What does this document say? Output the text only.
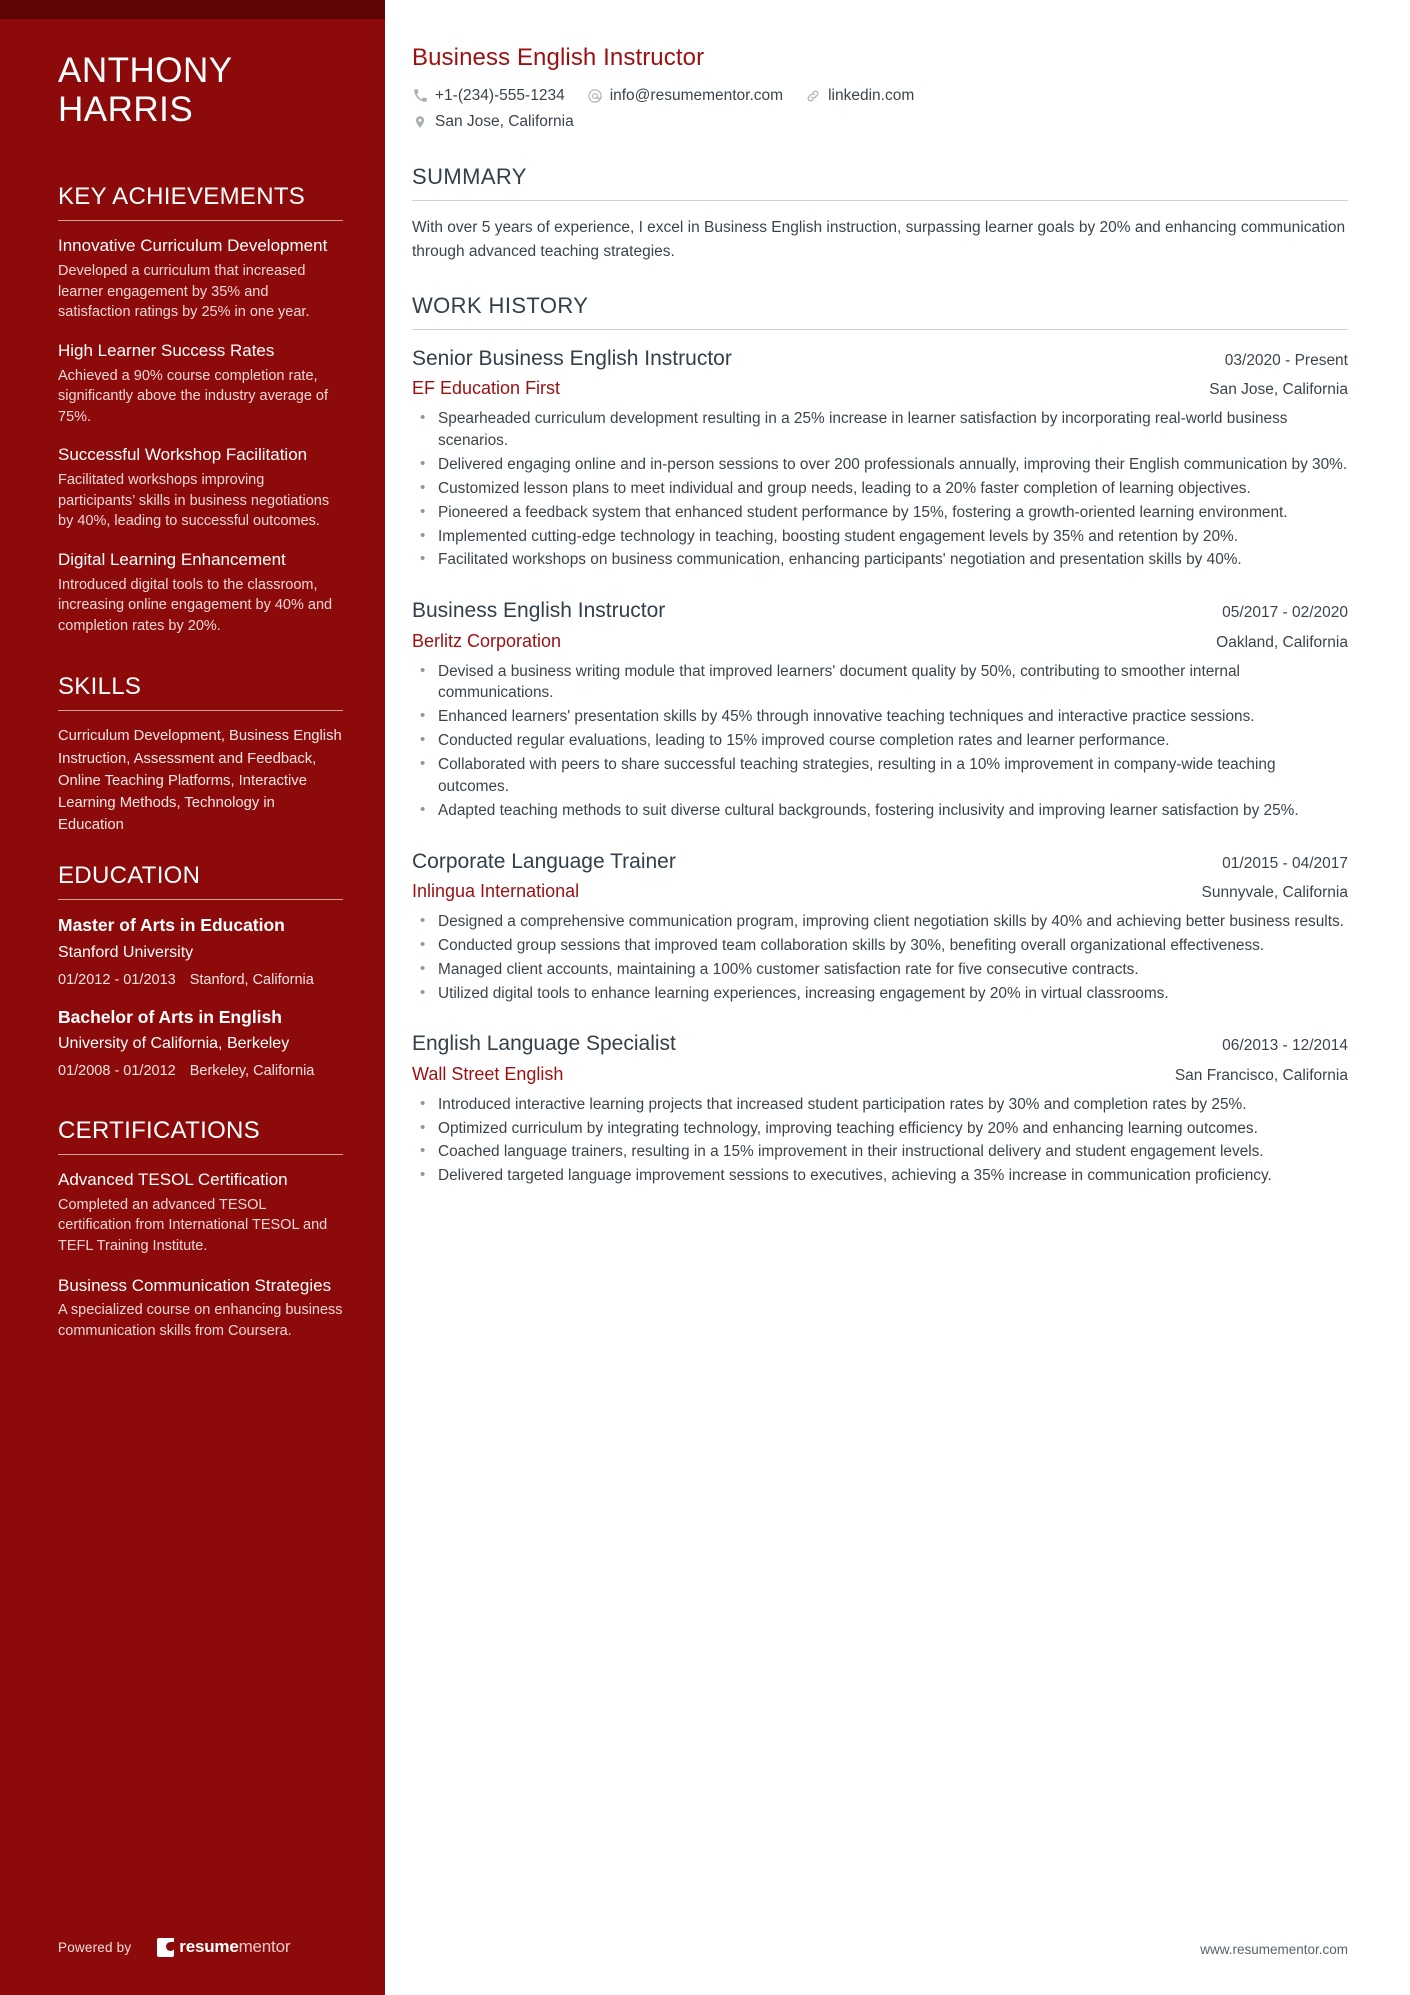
ANTHONY
HARRIS
KEY ACHIEVEMENTS
Innovative Curriculum Development
Developed a curriculum that increased learner engagement by 35% and satisfaction ratings by 25% in one year.
High Learner Success Rates
Achieved a 90% course completion rate, significantly above the industry average of 75%.
Successful Workshop Facilitation
Facilitated workshops improving participants’ skills in business negotiations by 40%, leading to successful outcomes.
Digital Learning Enhancement
Introduced digital tools to the classroom, increasing online engagement by 40% and completion rates by 20%.
SKILLS
Curriculum Development, Business English Instruction, Assessment and Feedback, Online Teaching Platforms, Interactive Learning Methods, Technology in Education
EDUCATION
Master of Arts in Education
Stanford University
01/2012 - 01/2013 Stanford, California
Bachelor of Arts in English
University of California, Berkeley
01/2008 - 01/2012 Berkeley, California
CERTIFICATIONS
Advanced TESOL Certification
Completed an advanced TESOL certification from International TESOL and TEFL Training Institute.
Business Communication Strategies
A specialized course on enhancing business communication skills from Coursera.
Powered by	resumementor
Business English Instructor
+1-(234)-555-1234	info@resumementor.com	linkedin.com
San Jose, California
SUMMARY

With over 5 years of experience, I excel in Business English instruction, surpassing learner goals by 20% and enhancing communication through advanced teaching strategies.

WORK HISTORY
Senior Business English Instructor	03/2020 - Present
EF Education First	San Jose, California
• Spearheaded curriculum development resulting in a 25% increase in learner satisfaction by incorporating real-world business scenarios.
• Delivered engaging online and in-person sessions to over 200 professionals annually, improving their English communication by 30%.
• Customized lesson plans to meet individual and group needs, leading to a 20% faster completion of learning objectives.
• Pioneered a feedback system that enhanced student performance by 15%, fostering a growth-oriented learning environment.
• Implemented cutting-edge technology in teaching, boosting student engagement levels by 35% and retention by 20%.
• Facilitated workshops on business communication, enhancing participants' negotiation and presentation skills by 40%.
Business English Instructor	05/2017 - 02/2020
Berlitz Corporation	Oakland, California
• Devised a business writing module that improved learners' document quality by 50%, contributing to smoother internal communications.
• Enhanced learners' presentation skills by 45% through innovative teaching techniques and interactive practice sessions.
• Conducted regular evaluations, leading to 15% improved course completion rates and learner performance.
• Collaborated with peers to share successful teaching strategies, resulting in a 10% improvement in company-wide teaching outcomes.
• Adapted teaching methods to suit diverse cultural backgrounds, fostering inclusivity and improving learner satisfaction by 25%.
Corporate Language Trainer	01/2015 - 04/2017
Inlingua International	Sunnyvale, California
• Designed a comprehensive communication program, improving client negotiation skills by 40% and achieving better business results.
• Conducted group sessions that improved team collaboration skills by 30%, benefiting overall organizational effectiveness.
• Managed client accounts, maintaining a 100% customer satisfaction rate for five consecutive contracts.
• Utilized digital tools to enhance learning experiences, increasing engagement by 20% in virtual classrooms.
English Language Specialist	06/2013 - 12/2014
Wall Street English	San Francisco, California
• Introduced interactive learning projects that increased student participation rates by 30% and completion rates by 25%.
• Optimized curriculum by integrating technology, improving teaching efficiency by 20% and enhancing learning outcomes.
• Coached language trainers, resulting in a 15% improvement in their instructional delivery and student engagement levels.
• Delivered targeted language improvement sessions to executives, achieving a 35% increase in communication proficiency.
www.resumementor.com
